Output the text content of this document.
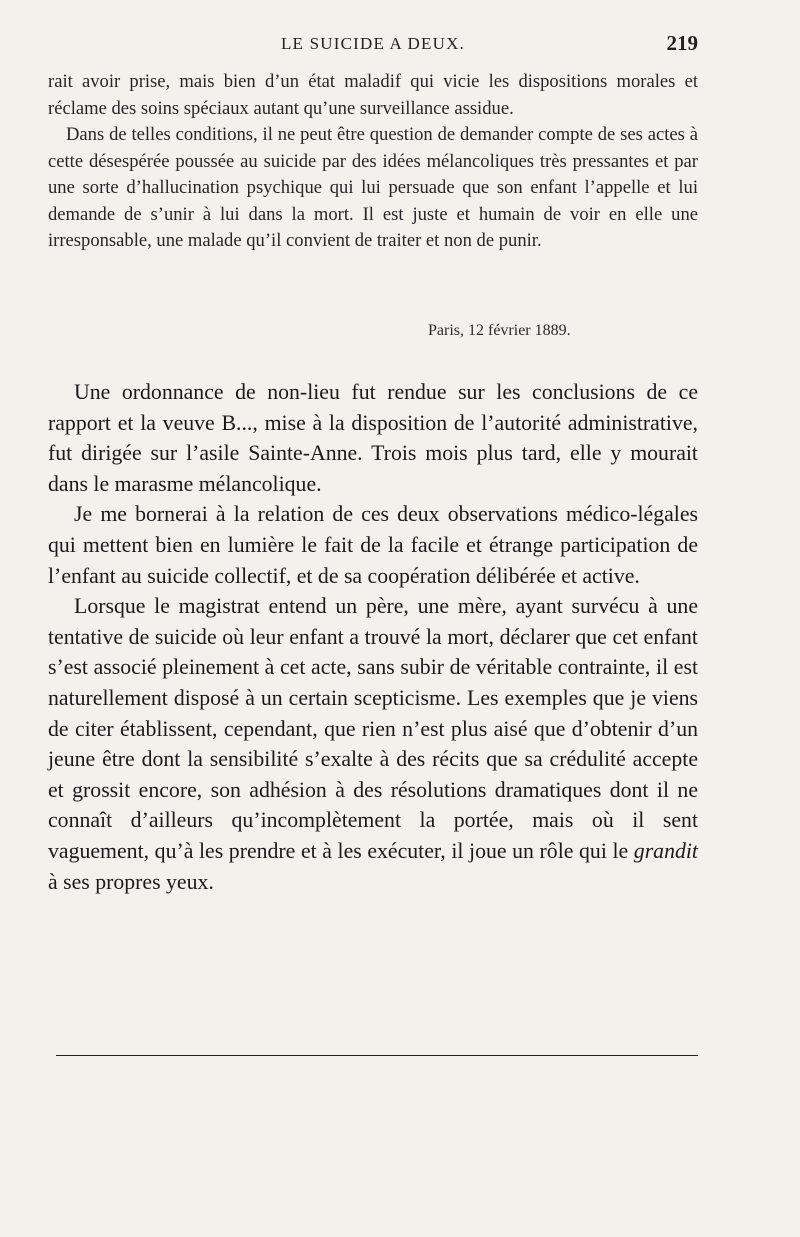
LE SUICIDE A DEUX.	219

rait avoir prise, mais bien d’un état maladif qui vicie les dispositions morales et réclame des soins spéciaux autant qu’une surveillance assidue.

Dans de telles conditions, il ne peut être question de demander compte de ses actes à cette désespérée poussée au suicide par des idées mélancoliques très pressantes et par une sorte d’hallucination psychique qui lui persuade que son enfant l’appelle et lui demande de s’unir à lui dans la mort. Il est juste et humain de voir en elle une irresponsable, une malade qu’il convient de traiter et non de punir.

Paris, 12 février 1889.

Une ordonnance de non-lieu fut rendue sur les conclusions de ce rapport et la veuve B..., mise à la disposition de l’autorité administrative, fut dirigée sur l’asile Sainte-Anne. Trois mois plus tard, elle y mourait dans le marasme mélancolique.

Je me bornerai à la relation de ces deux observations médico-légales qui mettent bien en lumière le fait de la facile et étrange participation de l’enfant au suicide collectif, et de sa coopération délibérée et active.

Lorsque le magistrat entend un père, une mère, ayant survécu à une tentative de suicide où leur enfant a trouvé la mort, déclarer que cet enfant s’est associé pleinement à cet acte, sans subir de véritable contrainte, il est naturellement disposé à un certain scepticisme. Les exemples que je viens de citer établissent, cependant, que rien n’est plus aisé que d’obtenir d’un jeune être dont la sensibilité s’exalte à des récits que sa crédulité accepte et grossit encore, son adhésion à des résolutions dramatiques dont il ne connaît d’ailleurs qu’incomplètement la portée, mais où il sent vaguement, qu’à les prendre et à les exécuter, il joue un rôle qui le grandit à ses propres yeux.
